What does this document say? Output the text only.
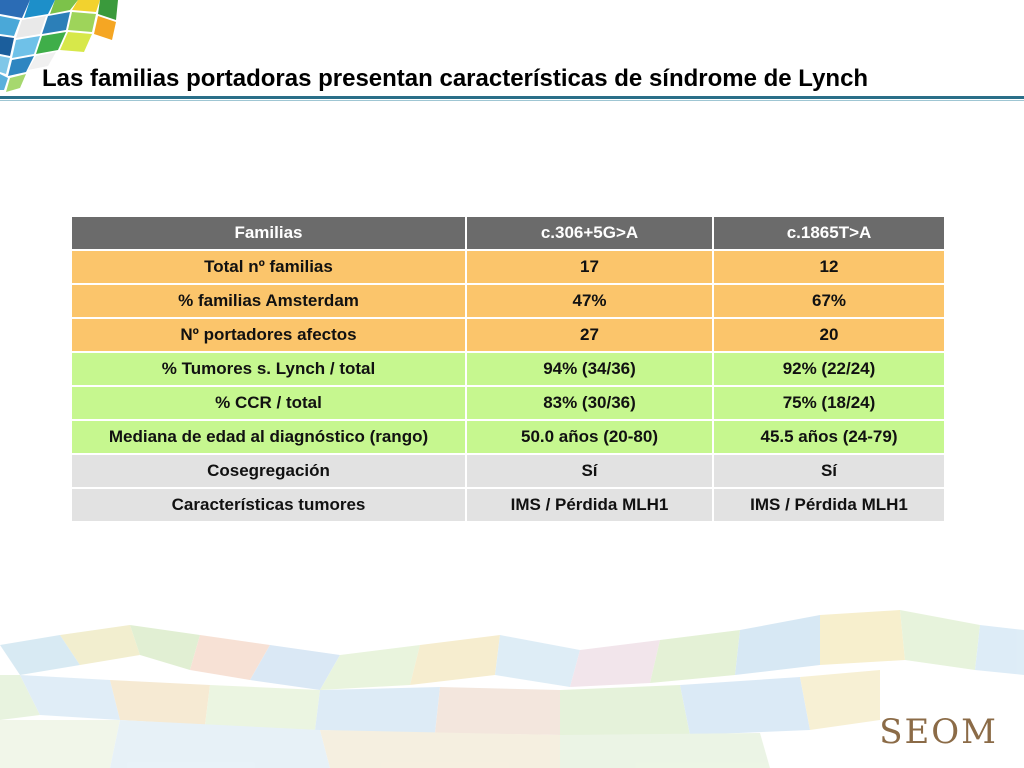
Las familias portadoras presentan características de síndrome de Lynch
Familias	c.306+5G>A	c.1865T>A
Total nº familias	17	12
% familias Amsterdam	47%	67%
Nº portadores afectos	27	20
% Tumores s. Lynch / total	94% (34/36)	92% (22/24)
% CCR / total	83% (30/36)	75% (18/24)
Mediana de edad al diagnóstico (rango)	50.0 años (20-80)	45.5 años (24-79)
Cosegregación	Sí	Sí
Características tumores	IMS / Pérdida MLH1	IMS / Pérdida MLH1
SEOM
